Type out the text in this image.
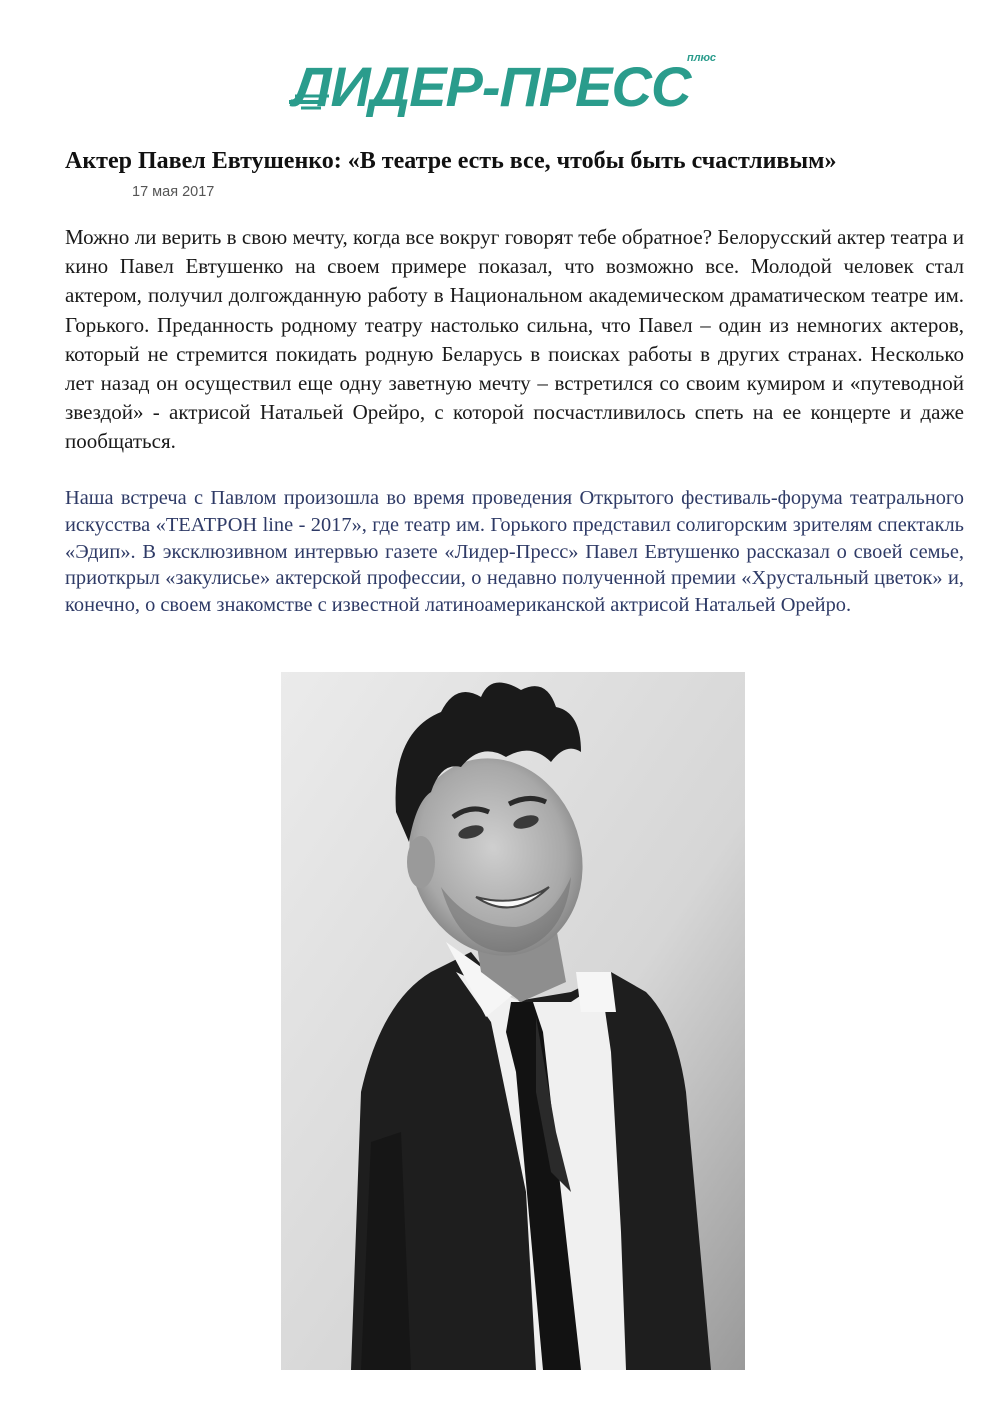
ЛИДЕР-ПРЕСС
плюс
Актер Павел Евтушенко: «В театре есть все, чтобы быть счастливым»
17 мая 2017

Можно ли верить в свою мечту, когда все вокруг говорят тебе обратное? Белорусский актер театра и кино Павел Евтушенко на своем примере показал, что возможно все. Молодой человек стал актером, получил долгожданную работу в Национальном академическом драматическом театре им. Горького. Преданность родному театру настолько сильна, что Павел – один из немногих актеров, который не стремится покидать родную Беларусь в поисках работы в других странах. Несколько лет назад он осуществил еще одну заветную мечту – встретился со своим кумиром и «путеводной звездой» - актрисой Натальей Орейро, с которой посчастливилось спеть на ее концерте и даже пообщаться.

Наша встреча с Павлом произошла во время проведения Открытого фестиваль-форума театрального искусства «ТЕАТРОН line - 2017», где театр им. Горького представил солигорским зрителям спектакль «Эдип». В эксклюзивном интервью газете «Лидер-Пресс» Павел Евтушенко рассказал о своей семье, приоткрыл «закулисье» актерской профессии, о недавно полученной премии «Хрустальный цветок» и, конечно, о своем знакомстве с известной латиноамериканской актрисой Натальей Орейро.
